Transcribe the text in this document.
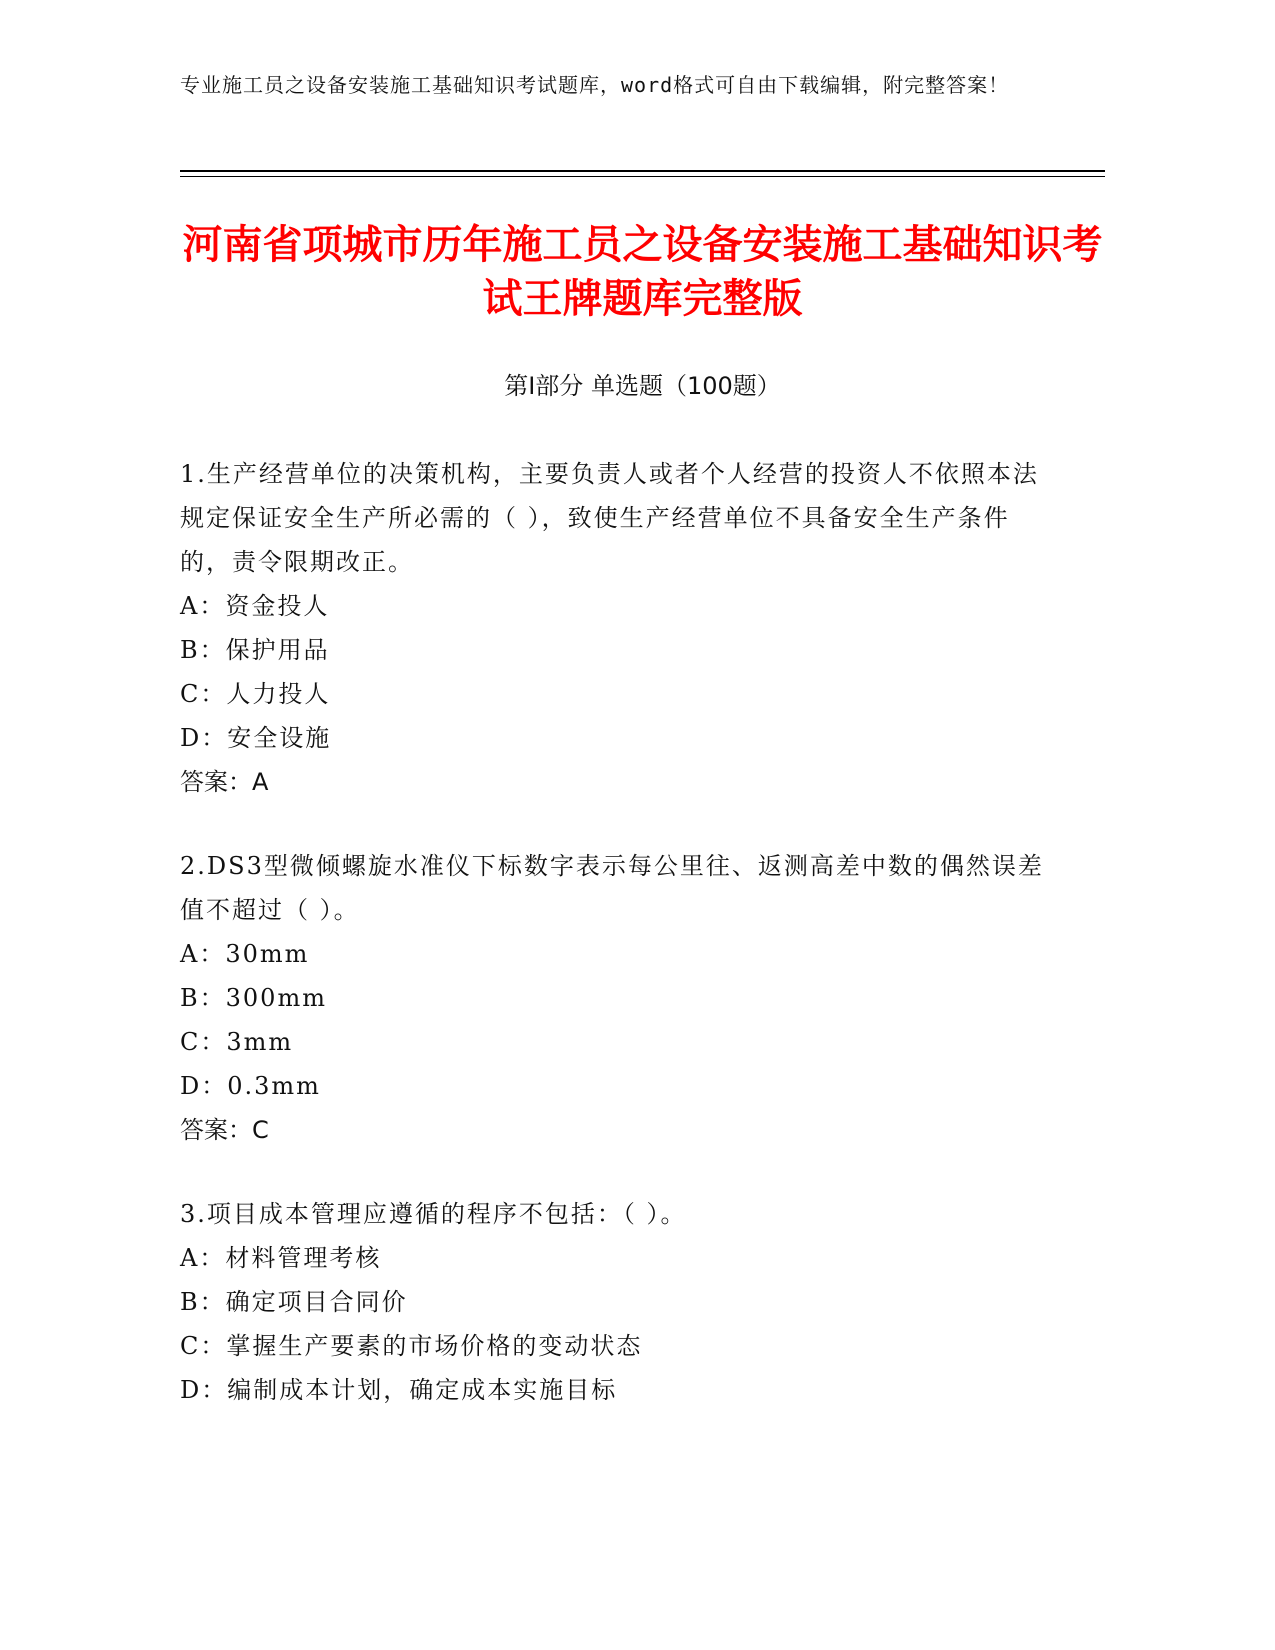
专业施工员之设备安装施工基础知识考试题库，word格式可自由下载编辑，附完整答案！
河南省项城市历年施工员之设备安装施工基础知识考试王牌题库完整版
第Ⅰ部分 单选题（100题）

1.生产经营单位的决策机构，主要负责人或者个人经营的投资人不依照本法规定保证安全生产所必需的（ ），致使生产经营单位不具备安全生产条件的，责令限期改正。

A：资金投人

B：保护用品

C：人力投人

D：安全设施

答案：A

2.DS3型微倾螺旋水准仪下标数字表示每公里往、返测高差中数的偶然误差值不超过（ ）。

A：30mm

B：300mm

C：3mm

D：0.3mm

答案：C

3.项目成本管理应遵循的程序不包括：（ ）。

A：材料管理考核

B：确定项目合同价

C：掌握生产要素的市场价格的变动状态

D：编制成本计划，确定成本实施目标
